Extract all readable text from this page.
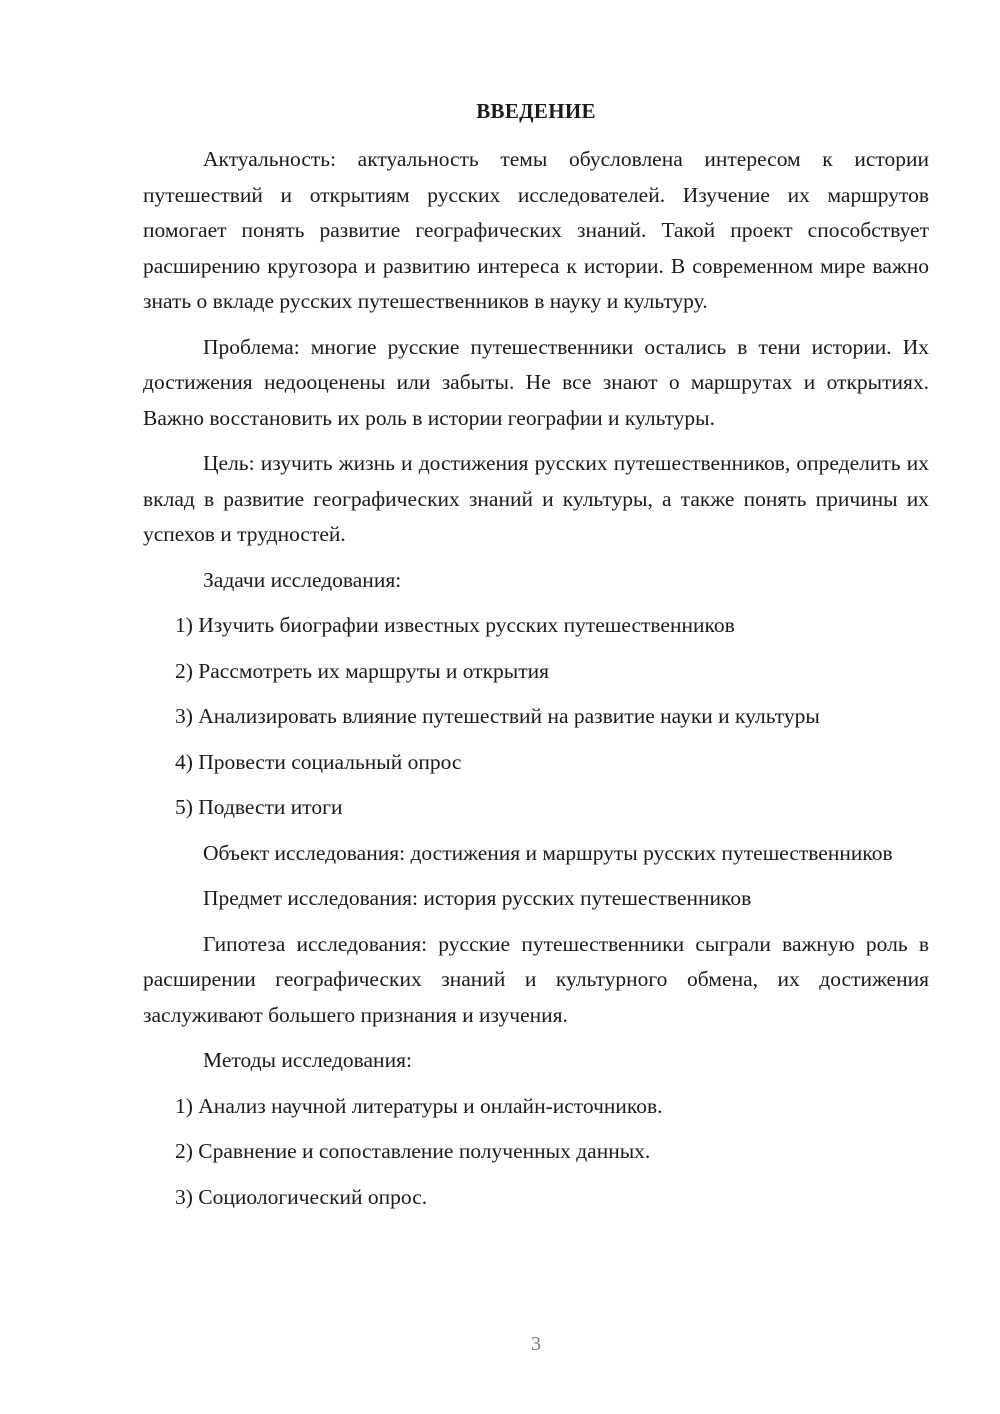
ВВЕДЕНИЕ

Актуальность: актуальность темы обусловлена интересом к истории путешествий и открытиям русских исследователей. Изучение их маршрутов помогает понять развитие географических знаний. Такой проект способствует расширению кругозора и развитию интереса к истории. В современном мире важно знать о вкладе русских путешественников в науку и культуру.

Проблема: многие русские путешественники остались в тени истории. Их достижения недооценены или забыты. Не все знают о маршрутах и открытиях. Важно восстановить их роль в истории географии и культуры.

Цель: изучить жизнь и достижения русских путешественников, определить их вклад в развитие географических знаний и культуры, а также понять причины их успехов и трудностей.

Задачи исследования:

1) Изучить биографии известных русских путешественников
2) Рассмотреть их маршруты и открытия
3) Анализировать влияние путешествий на развитие науки и культуры
4) Провести социальный опрос
5) Подвести итоги

Объект исследования: достижения и маршруты русских путешественников

Предмет исследования: история русских путешественников

Гипотеза исследования: русские путешественники сыграли важную роль в расширении географических знаний и культурного обмена, их достижения заслуживают большего признания и изучения.

Методы исследования:

1) Анализ научной литературы и онлайн-источников.
2) Сравнение и сопоставление полученных данных.
3) Социологический опрос.
3
